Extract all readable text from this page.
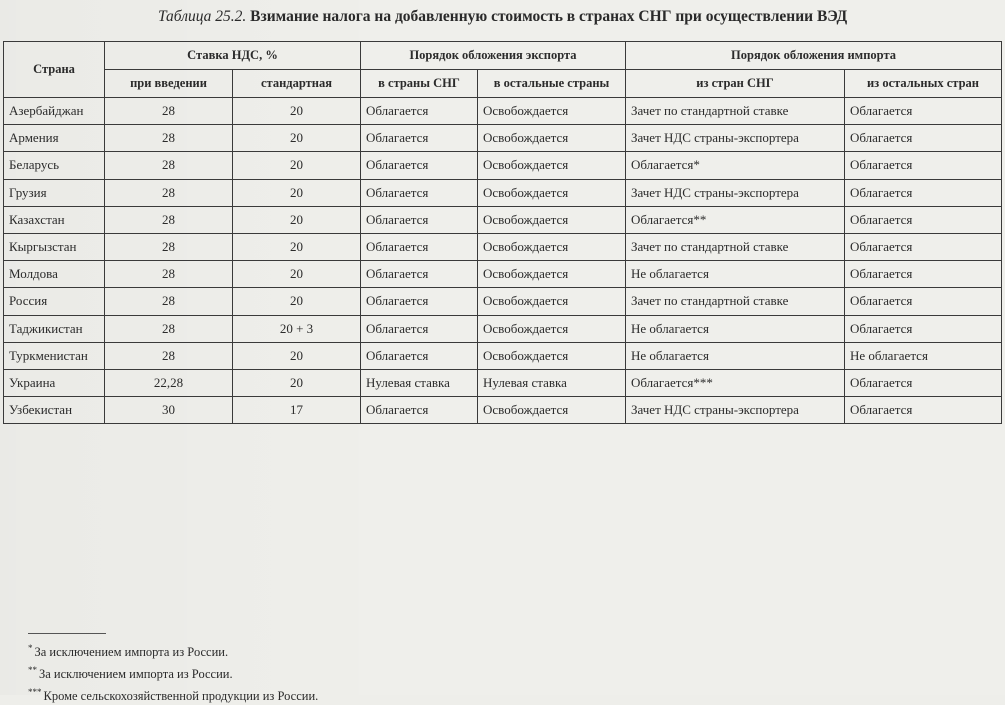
Таблица 25.2. Взимание налога на добавленную стоимость в странах СНГ при осуществлении ВЭД
Страна	Ставка НДС, %		Порядок обложения экспорта		Порядок обложения импорта	
	при введении	стандартная	в страны СНГ	в остальные страны	из стран СНГ	из остальных стран
Азербайджан	28	20	Облагается	Освобождается	Зачет по стандартной ставке	Облагается
Армения	28	20	Облагается	Освобождается	Зачет НДС страны-экспортера	Облагается
Беларусь	28	20	Облагается	Освобождается	Облагается*	Облагается
Грузия	28	20	Облагается	Освобождается	Зачет НДС страны-экспортера	Облагается
Казахстан	28	20	Облагается	Освобождается	Облагается**	Облагается
Кыргызстан	28	20	Облагается	Освобождается	Зачет по стандартной ставке	Облагается
Молдова	28	20	Облагается	Освобождается	Не облагается	Облагается
Россия	28	20	Облагается	Освобождается	Зачет по стандартной ставке	Облагается
Таджикистан	28	20 + 3	Облагается	Освобождается	Не облагается	Облагается
Туркменистан	28	20	Облагается	Освобождается	Не облагается	Не облагается
Украина	22,28	20	Нулевая ставка	Нулевая ставка	Облагается***	Облагается
Узбекистан	30	17	Облагается	Освобождается	Зачет НДС страны-экспортера	Облагается
* За исключением импорта из России.
** За исключением импорта из России.
*** Кроме сельскохозяйственной продукции из России.
